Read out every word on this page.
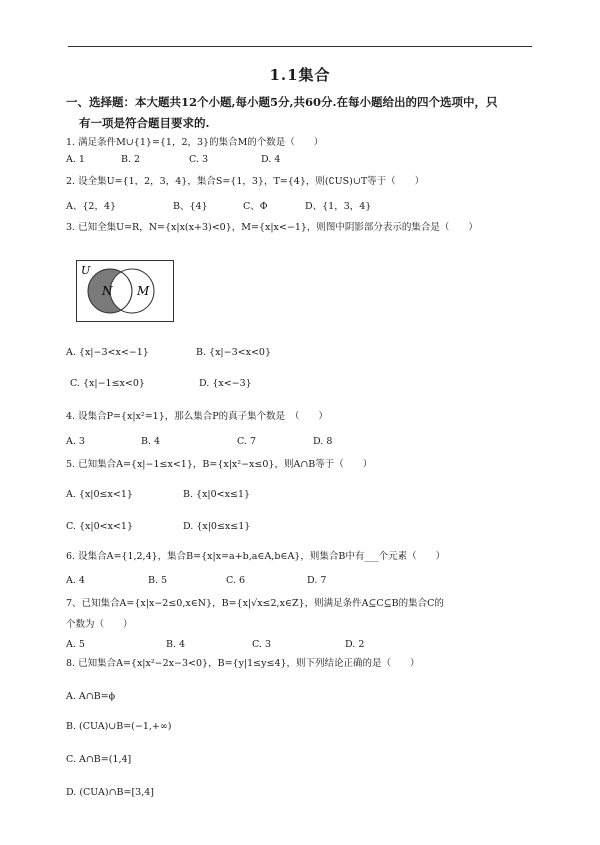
1.1集合
一、选择题：本大题共12个小题,每小题5分,共60分.在每小题给出的四个选项中，只
有一项是符合题目要求的.
1. 满足条件M∪{1}={1，2，3}的集合M的个数是（　　）
A. 1	B. 2	C. 3	D. 4
2. 设全集U={1，2，3，4}，集合S={1，3}，T={4}，则(∁US)∪T等于（　　）
A、{2，4}	B、{4}	C、Φ	D、{1，3，4}
3. 已知全集U=R，N={x|x(x+3)<0}，M={x|x<−1}，则图中阴影部分表示的集合是（　　）
U
N M
A. {x|−3<x<−1}	B. {x|−3<x<0}
C. {x|−1≤x<0}	D. {x<−3}
4. 设集合P={x|x²=1}，那么集合P的真子集个数是　（　　）
A. 3	B. 4	C. 7	D. 8
5. 已知集合A={x|−1≤x<1}，B={x|x²−x≤0}，则A∩B等于（　　）
A. {x|0≤x<1}	B. {x|0<x≤1}
C. {x|0<x<1}	D. {x|0≤x≤1}
6. 设集合A={1,2,4}，集合B={x|x=a+b,a∈A,b∈A}，则集合B中有___个元素（　　）
A. 4	B. 5	C. 6	D. 7
7、已知集合A={x|x−2≤0,x∈N}，B={x|√x≤2,x∈Z}，则满足条件A⊆C⊆B的集合C的
个数为（　　）
A. 5	B. 4	C. 3	D. 2
8. 已知集合A={x|x²−2x−3<0}，B={y|1≤y≤4}，则下列结论正确的是（　　）
A. A∩B=ϕ
B. (CUA)∪B=(−1,+∞)
C. A∩B=(1,4]
D. (CUA)∩B=[3,4]
